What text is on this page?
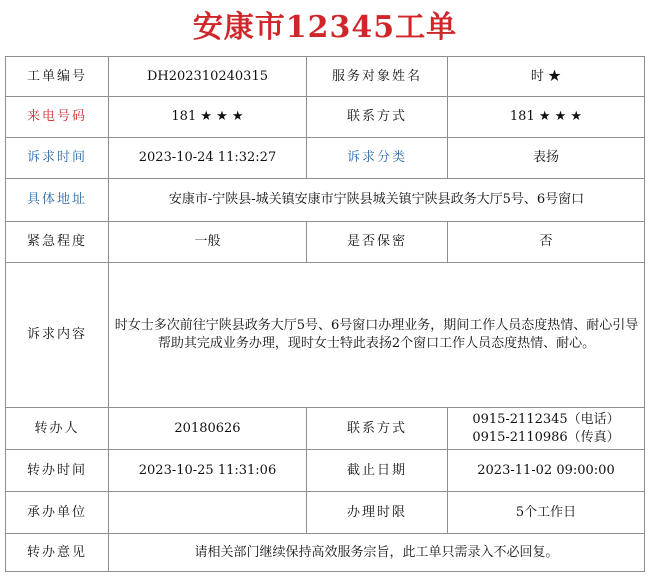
安康市12345工单
工单编号	DH202310240315	服务对象姓名	时 ★
来电号码	181 ★ ★ ★	联系方式	181 ★ ★ ★
诉求时间	2023-10-24 11:32:27	诉求分类	表扬
具体地址	安康市-宁陕县-城关镇安康市宁陕县城关镇宁陕县政务大厅5号、6号窗口		
紧急程度	一般	是否保密	否
诉求内容	时女士多次前往宁陕县政务大厅5号、6号窗口办理业务，期间工作人员态度热情、耐心引导帮助其完成业务办理，现时女士特此表扬2个窗口工作人员态度热情、耐心。		
转办人	20180626	联系方式	0915-2112345（电话）
0915-2110986（传真）

转办时间	2023-10-25 11:31:06	截止日期	2023-11-02 09:00:00
承办单位		办理时限	5个工作日
转办意见	请相关部门继续保持高效服务宗旨，此工单只需录入不必回复。		
